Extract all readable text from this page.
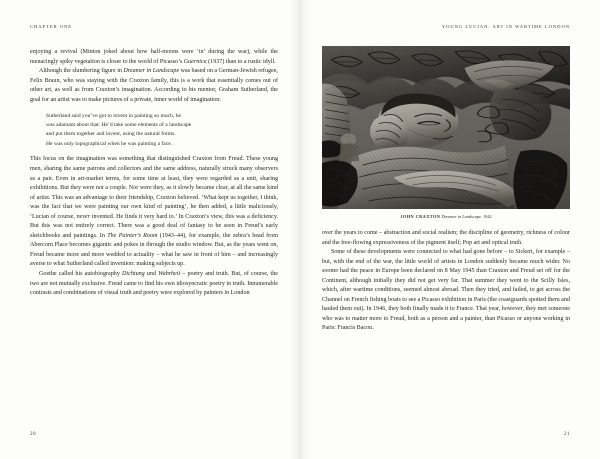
CHAPTER ONE

enjoying a revival (Minton joked about how half-moons were ‘in’ during the war), while the menacingly spiky vegetation is closer to the world of Picasso’s Guernica (1937) than to a rustic idyll.

Although the slumbering figure in Dreamer in Landscape was based on a German-Jewish refugee, Felix Braun, who was staying with the Craxton family, this is a work that essentially comes out of other art, as well as from Craxton’s imagination. According to his mentor, Graham Sutherland, the goal for an artist was to make pictures of a private, inner world of imagination:

Sutherland said you’ve got to invent in painting so much, he

was adamant about that. He’d take some elements of a landscape

and put them together and invent, using the natural forms.

He was only topographical when he was painting a face.

This focus on the imagination was something that distinguished Craxton from Freud. These young men, sharing the same patrons and collectors and the same address, naturally struck many observers as a pair. Even in art-market terms, for some time at least, they were regarded as a unit, sharing exhibitions. But they were not a couple. Nor were they, as it slowly became clear, at all the same kind of artist. This was an advantage to their friendship, Craxton believed. ‘What kept us together, I think, was the fact that we were painting our own kind of painting’, he then added, a little maliciously, ‘Lucian of course, never invented. He finds it very hard to.’ In Craxton’s view, this was a deficiency. But this was not entirely correct. There was a good deal of fantasy to be seen in Freud’s early sketchbooks and paintings. In The Painter’s Room (1943–44), for example, the zebra’s head from Abercorn Place becomes gigantic and pokes in through the studio window. But, as the years went on, Freud became more and more wedded to actuality – what he saw in front of him – and increasingly averse to what Sutherland called invention: making subjects up.

Goethe called his autobiography Dichtung und Wahrheit – poetry and truth. But, of course, the two are not mutually exclusive. Freud came to find his own idiosyncratic poetry in truth. Innumerable contrasts and combinations of visual truth and poetry were explored by painters in London

20
YOUNG LUCIAN: ART IN WARTIME LONDON
JOHN CRAXTON Dreamer in Landscape, 1942

over the years to come – abstraction and social realism; the discipline of geometry, richness of colour and the free-flowing expressiveness of the pigment itself; Pop art and optical truth.

Some of these developments were connected to what had gone before – to Sickert, for example – but, with the end of the war, the little world of artists in London suddenly became much wider. No sooner had the peace in Europe been declared on 8 May 1945 than Craxton and Freud set off for the Continent, although initially they did not get very far. That summer they went to the Scilly Isles, which, after wartime conditions, seemed almost abroad. Then they tried, and failed, to get across the Channel on French fishing boats to see a Picasso exhibition in Paris (the coastguards spotted them and hauled them out). In 1946, they both finally made it to France. That year, however, they met someone who was to matter more to Freud, both as a person and a painter, than Picasso or anyone working in Paris: Francis Bacon.

21
